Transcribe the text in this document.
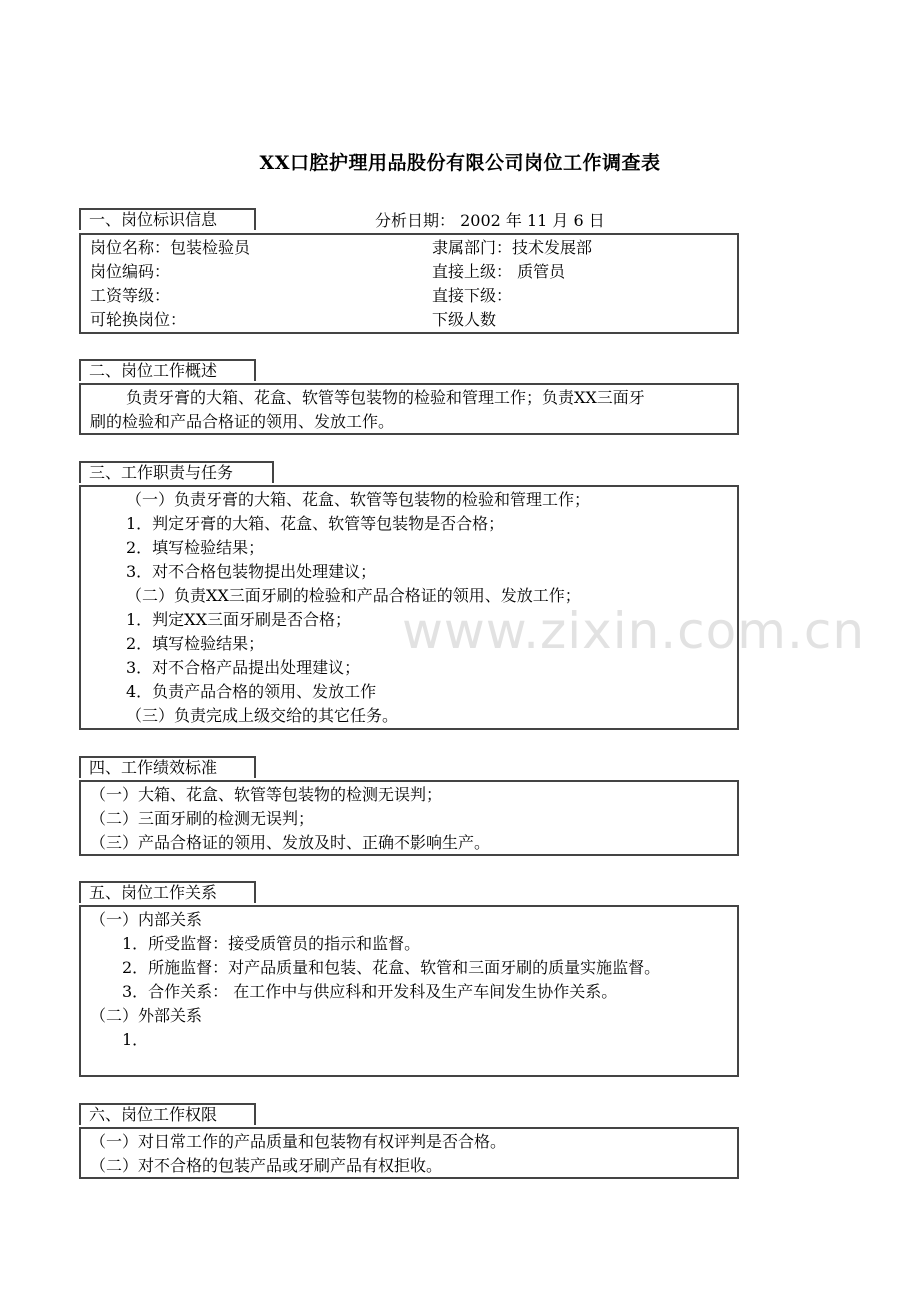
www.zixin.com.cn
XX口腔护理用品股份有限公司岗位工作调查表
一、岗位标识信息	分析日期： 2002 年 11 月 6 日
岗位名称：包装检验员
岗位编码：
工资等级：
可轮换岗位：
隶属部门：技术发展部
直接上级： 质管员
直接下级：
下级人数
二、岗位工作概述
负责牙膏的大箱、花盒、软管等包装物的检验和管理工作；负责XX三面牙
刷的检验和产品合格证的领用、发放工作。
三、工作职责与任务
（一）负责牙膏的大箱、花盒、软管等包装物的检验和管理工作；
1．判定牙膏的大箱、花盒、软管等包装物是否合格；
2．填写检验结果；
3．对不合格包装物提出处理建议；
（二）负责XX三面牙刷的检验和产品合格证的领用、发放工作；
1．判定XX三面牙刷是否合格；
2．填写检验结果；
3．对不合格产品提出处理建议；
4．负责产品合格的领用、发放工作
（三）负责完成上级交给的其它任务。
四、工作绩效标准
（一）大箱、花盒、软管等包装物的检测无误判；
（二）三面牙刷的检测无误判；
（三）产品合格证的领用、发放及时、正确不影响生产。
五、岗位工作关系
（一）内部关系
1．所受监督：接受质管员的指示和监督。
2．所施监督：对产品质量和包装、花盒、软管和三面牙刷的质量实施监督。
3．合作关系： 在工作中与供应科和开发科及生产车间发生协作关系。
（二）外部关系
1．
六、岗位工作权限
（一）对日常工作的产品质量和包装物有权评判是否合格。
（二）对不合格的包装产品或牙刷产品有权拒收。
